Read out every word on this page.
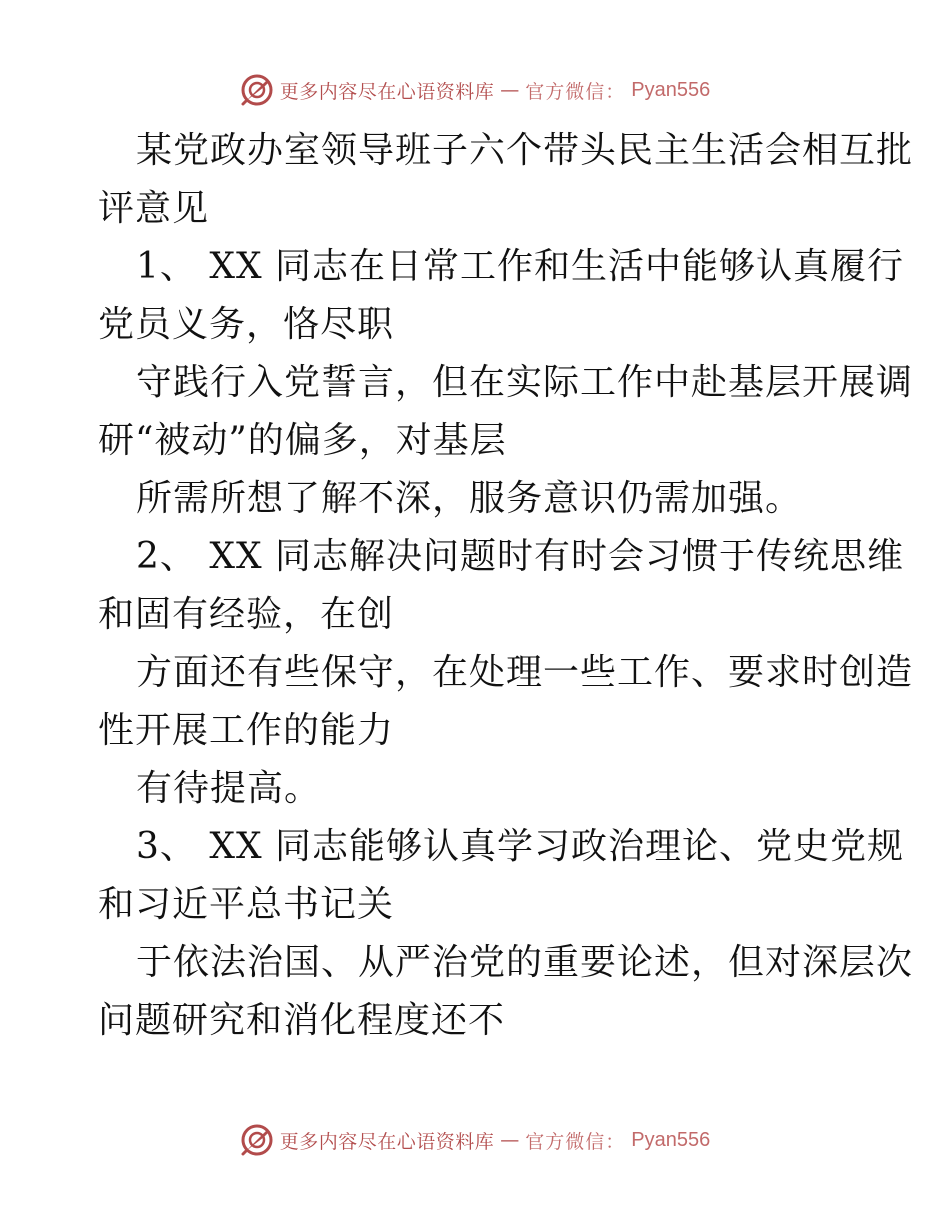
更多内容尽在心语资料库 — 官方微信： Pyan556
某党政办室领导班子六个带头民主生活会相互批
评意见
1、 XX 同志在日常工作和生活中能够认真履行
党员义务，恪尽职
守践行入党誓言，但在实际工作中赴基层开展调
研“被动”的偏多，对基层
所需所想了解不深，服务意识仍需加强。
2、 XX 同志解决问题时有时会习惯于传统思维
和固有经验，在创
方面还有些保守，在处理一些工作、要求时创造
性开展工作的能力
有待提高。
3、 XX 同志能够认真学习政治理论、党史党规
和习近平总书记关
于依法治国、从严治党的重要论述，但对深层次
问题研究和消化程度还不
更多内容尽在心语资料库 — 官方微信： Pyan556
